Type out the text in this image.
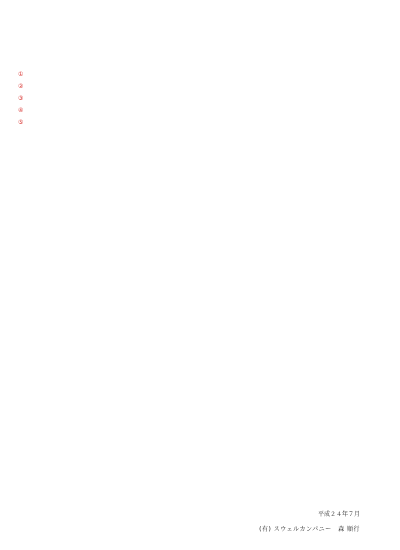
①
②
③
④
⑤

平成２４年７月
(有) スウェルカンパニー　森 順行
